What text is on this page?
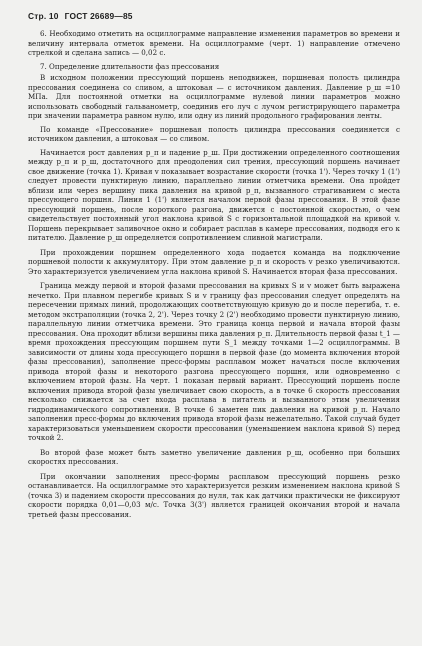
Стр. 10 ГОСТ 26689—85

6. Необходимо отметить на осциллограмме направление изменения параметров во времени и величину интервала отметок времени. На осциллограмме (черт. 1) направление отмечено стрелкой и сделана запись — 0,02 с.

7. Определение длительности фаз прессования

В исходном положении прессующий поршень неподвижен, поршневая полость цилиндра прессования соединена со сливом, а штоковая — с источником давления. Давление р_ш =10 МПа. Для постоянной отметки на осциллограмме нулевой линии параметров можно использовать свободный гальванометр, соединив его луч с лучом регистрирующего параметра при значении параметра равном нулю, или одну из линий продольного графирования ленты.

По команде «Прессование» поршневая полость цилиндра прессования соединяется с источником давления, а штоковая — со сливом.

Начинается рост давления р_п и падение р_ш. При достижении определенного соотношения между р_п и р_ш, достаточного для преодоления сил трения, прессующий поршень начинает свое движение (точка 1). Кривая v показывает возрастание скорости (точка 1'). Через точку 1 (1') следует провести пунктирную линию, параллельно линии отметчика времени. Она пройдет вблизи или через вершину пика давления на кривой р_п, вызванного страгиванием с места прессующего поршня. Линия 1 (1') является началом первой фазы прессования. В этой фазе прессующий поршень, после короткого разгона, движется с постоянной скоростью, о чем свидетельствует постоянный угол наклона кривой S с горизонтальной площадкой на кривой v. Поршень перекрывает заливочное окно и собирает расплав в камере прессования, подводя его к питателю. Давление р_ш определяется сопротивлением сливной магистрали.

При прохождении поршнем определенного хода подается команда на подключение поршневой полости к аккумулятору. При этом давление р_п и скорость v резко увеличиваются. Это характеризуется увеличением угла наклона кривой S. Начинается вторая фаза прессования.

Граница между первой и второй фазами прессования на кривых S и v может быть выражена нечетко. При плавном перегибе кривых S и v границу фаз прессования следует определять на пересечении прямых линий, продолжающих соответствующую кривую до и после перегиба, т. е. методом экстраполяции (точка 2, 2'). Через точку 2 (2') необходимо провести пунктирную линию, параллельную линии отметчика времени. Это граница конца первой и начала второй фазы прессования. Она проходит вблизи вершины пика давления р_п. Длительность первой фазы t_1 — время прохождения прессующим поршнем пути S_1 между точками 1—2 осциллограммы. В зависимости от длины хода прессующего поршня в первой фазе (до момента включения второй фазы прессования), заполнение пресс-формы расплавом может начаться после включения привода второй фазы и некоторого разгона прессующего поршня, или одновременно с включением второй фазы. На черт. 1 показан первый вариант. Прессующий поршень после включения привода второй фазы увеличивает свою скорость, а в точке 6 скорость прессования несколько снижается за счет входа расплава в питатель и вызванного этим увеличения гидродинамического сопротивления. В точке 6 заметен пик давления на кривой р_п. Начало заполнения пресс-формы до включения привода второй фазы нежелательно. Такой случай будет характеризоваться уменьшением скорости прессования (уменьшением наклона кривой S) перед точкой 2.

Во второй фазе может быть заметно увеличение давления р_ш, особенно при больших скоростях прессования.

При окончании заполнения пресс-формы расплавом прессующий поршень резко останавливается. На осциллограмме это характеризуется резким изменением наклона кривой S (точка 3) и падением скорости прессования до нуля, так как датчики практически не фиксируют скорости порядка 0,01—0,03 м/с. Точка 3(3') является границей окончания второй и начала третьей фазы прессования.
